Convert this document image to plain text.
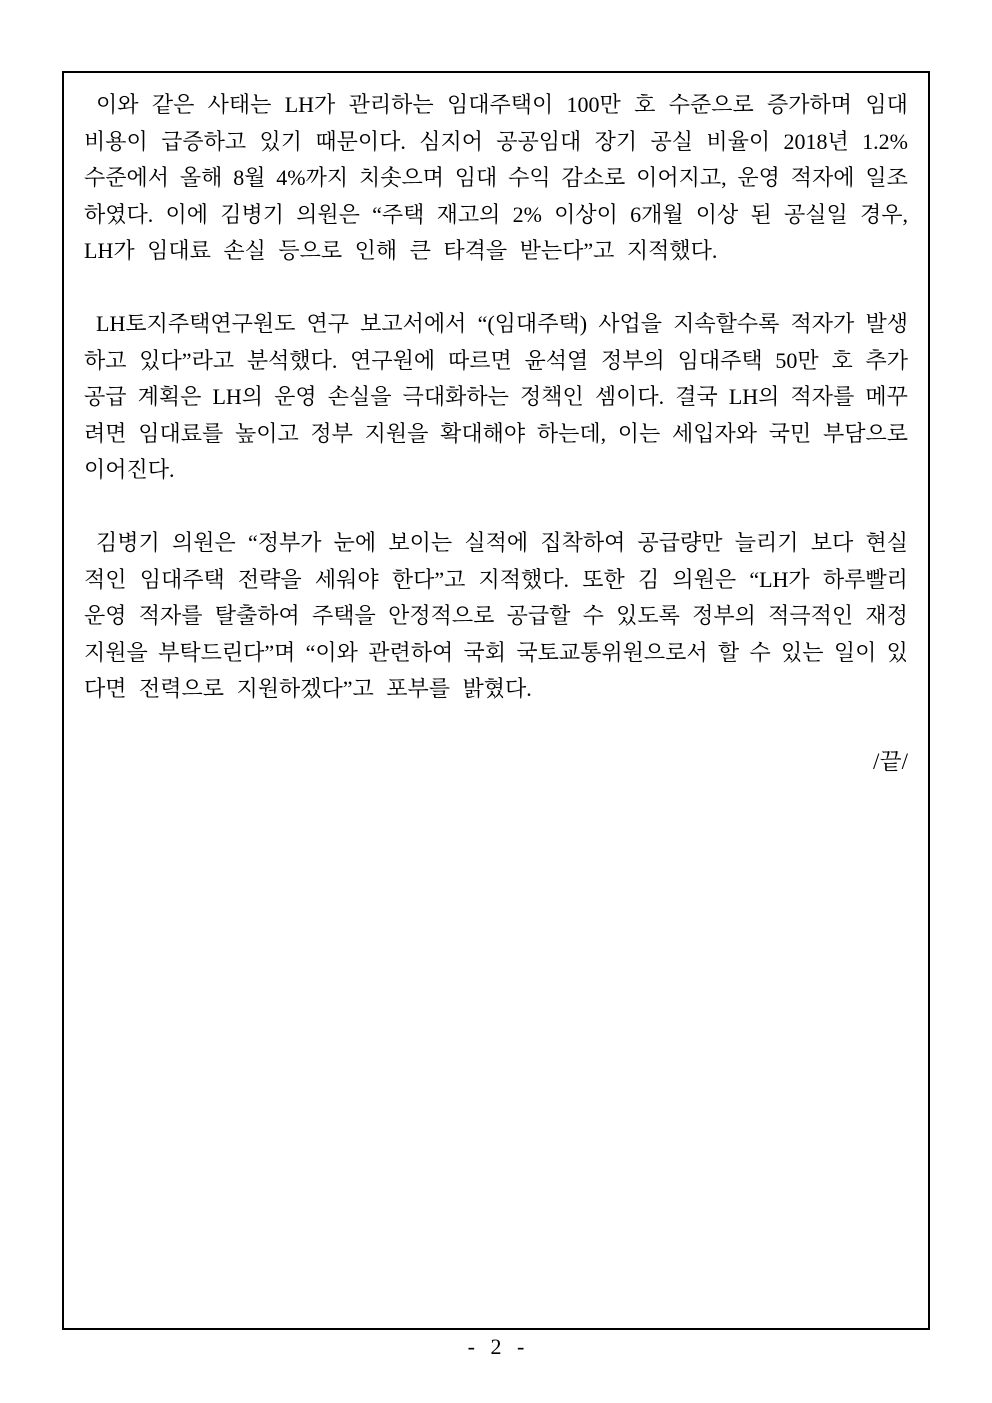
이와 같은 사태는 LH가 관리하는 임대주택이 100만 호 수준으로 증가하며 임대
비용이 급증하고 있기 때문이다. 심지어 공공임대 장기 공실 비율이 2018년 1.2%
수준에서 올해 8월 4%까지 치솟으며 임대 수익 감소로 이어지고, 운영 적자에 일조
하였다. 이에 김병기 의원은 “주택 재고의 2% 이상이 6개월 이상 된 공실일 경우,
LH가 임대료 손실 등으로 인해 큰 타격을 받는다”고 지적했다.
LH토지주택연구원도 연구 보고서에서 “(임대주택) 사업을 지속할수록 적자가 발생
하고 있다”라고 분석했다. 연구원에 따르면 윤석열 정부의 임대주택 50만 호 추가
공급 계획은 LH의 운영 손실을 극대화하는 정책인 셈이다. 결국 LH의 적자를 메꾸
려면 임대료를 높이고 정부 지원을 확대해야 하는데, 이는 세입자와 국민 부담으로
이어진다.
김병기 의원은 “정부가 눈에 보이는 실적에 집착하여 공급량만 늘리기 보다 현실
적인 임대주택 전략을 세워야 한다”고 지적했다. 또한 김 의원은 “LH가 하루빨리
운영 적자를 탈출하여 주택을 안정적으로 공급할 수 있도록 정부의 적극적인 재정
지원을 부탁드린다”며 “이와 관련하여 국회 국토교통위원으로서 할 수 있는 일이 있
다면 전력으로 지원하겠다”고 포부를 밝혔다.
/끝/
- 2 -
